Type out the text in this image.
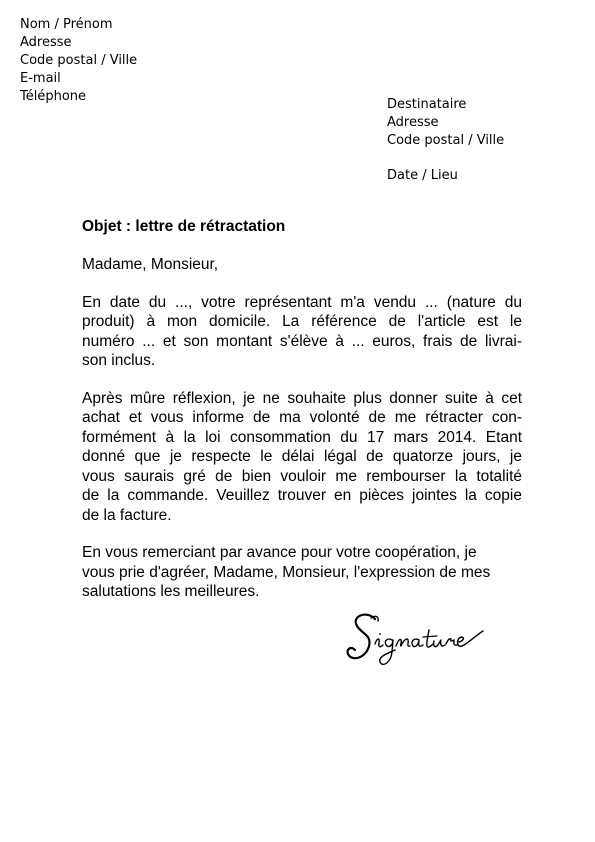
Nom / Prénom
Adresse
Code postal / Ville
E-mail
Téléphone
Destinataire
Adresse
Code postal / Ville
Date / Lieu

Objet : lettre de rétractation

Madame, Monsieur,

En date du ..., votre représentant m'a vendu ... (nature du
produit) à mon domicile. La référence de l'article est le
numéro ... et son montant s'élève à ... euros, frais de livrai-
son inclus.
Après mûre réflexion, je ne souhaite plus donner suite à cet
achat et vous informe de ma volonté de me rétracter con-
formément à la loi consommation du 17 mars 2014. Etant
donné que je respecte le délai légal de quatorze jours, je
vous saurais gré de bien vouloir me rembourser la totalité
de la commande. Veuillez trouver en pièces jointes la copie
de la facture.
En vous remerciant par avance pour votre coopération, je
vous prie d'agréer, Madame, Monsieur, l'expression de mes
salutations les meilleures.
